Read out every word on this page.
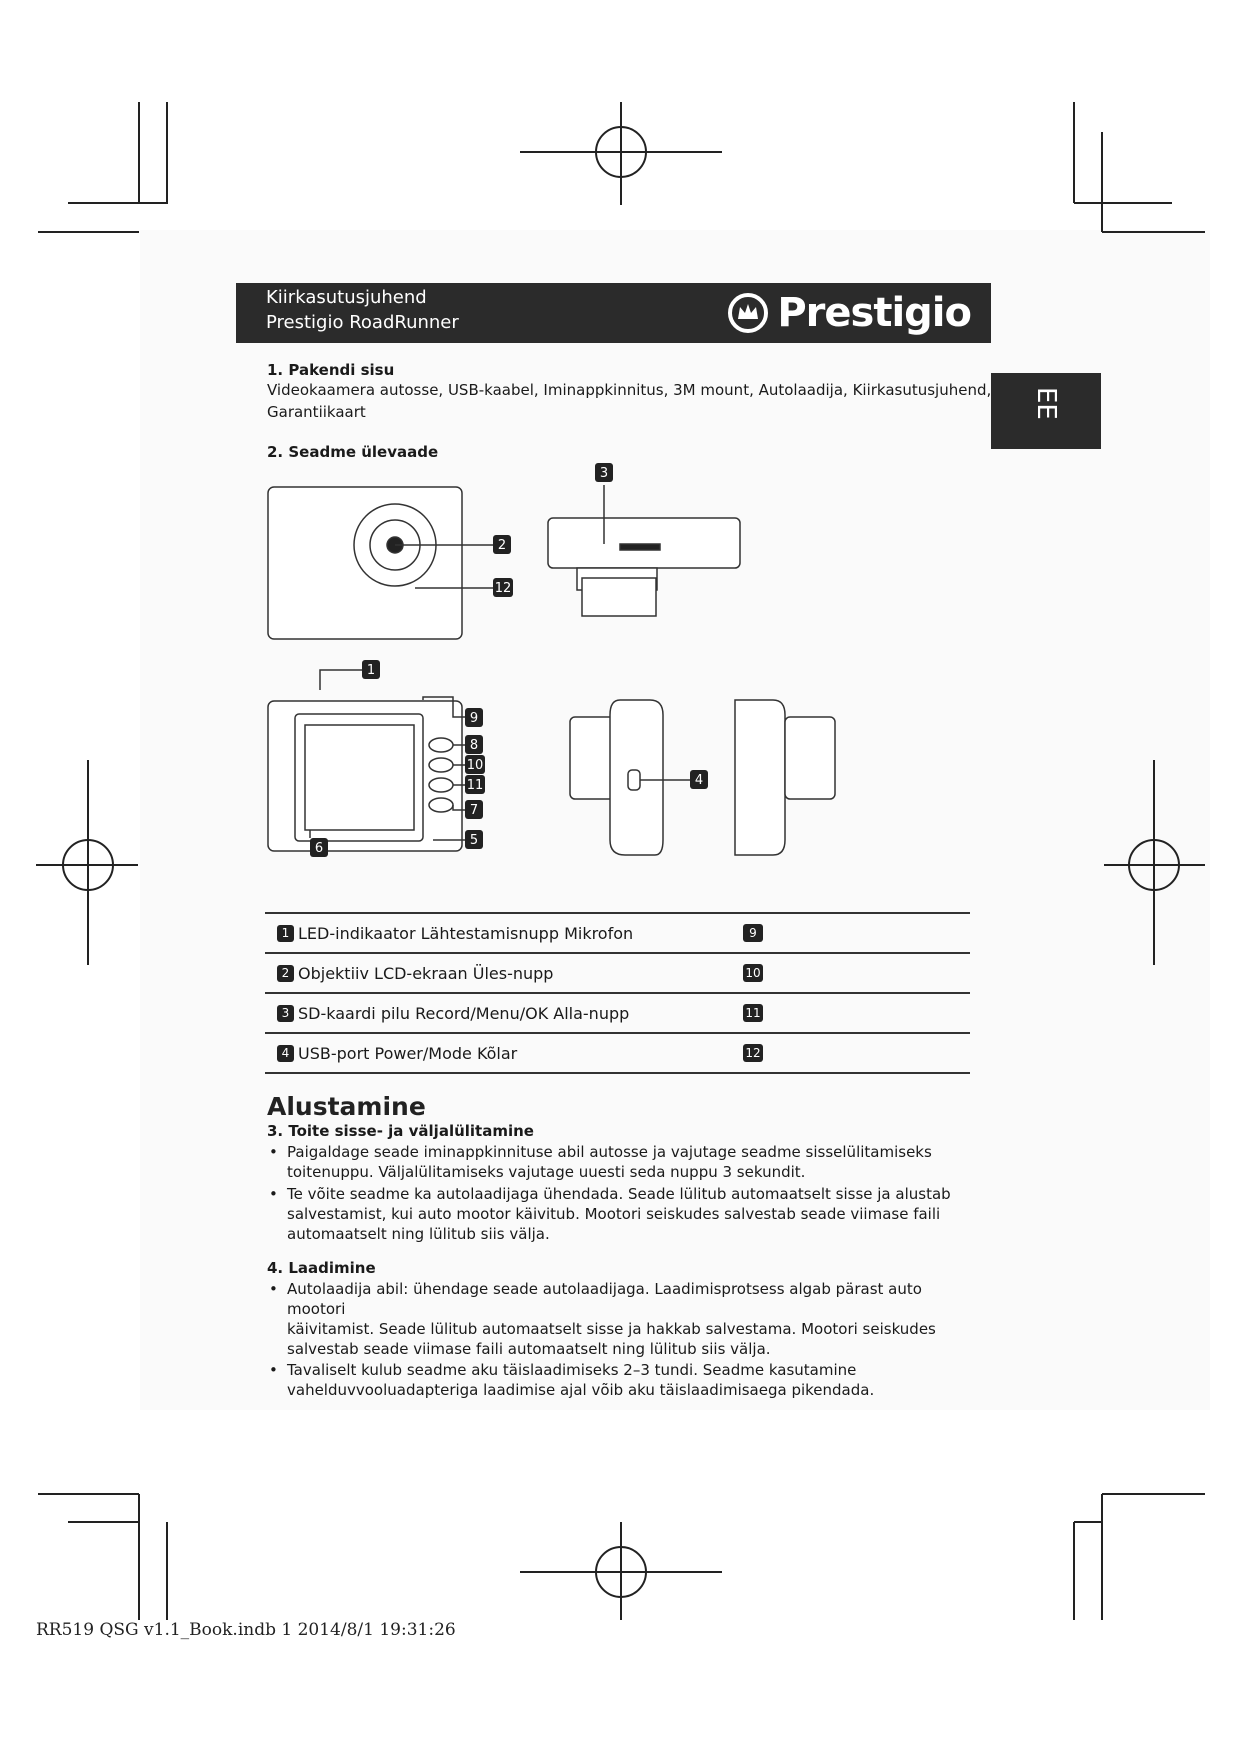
Kiirkasutusjuhend
Prestigio RoadRunner	Prestigio
EE
1. Pakendi sisu
Videokaamera autosse, USB-kaabel, Iminappkinnitus, 3M mount, Autolaadija, Kiirkasutusjuhend,
Garantiikaart
2. Seadme ülevaade
1
2
3
4
5
6
7
8
9
10
11
12
1 LED-indikaator Lähtestamisnupp Mikrofon	9
2 Objektiiv LCD-ekraan Üles-nupp	10
3 SD-kaardi pilu Record/Menu/OK Alla-nupp	11
4 USB-port Power/Mode Kõlar	12
Alustamine
3. Toite sisse- ja väljalülitamine
• Paigaldage seade iminappkinnituse abil autosse ja vajutage seadme sisselülitamiseks
toitenuppu. Väljalülitamiseks vajutage uuesti seda nuppu 3 sekundit.
• Te võite seadme ka autolaadijaga ühendada. Seade lülitub automaatselt sisse ja alustab
salvestamist, kui auto mootor käivitub. Mootori seiskudes salvestab seade viimase faili
automaatselt ning lülitub siis välja.
4. Laadimine
• Autolaadija abil: ühendage seade autolaadijaga. Laadimisprotsess algab pärast auto mootori
käivitamist. Seade lülitub automaatselt sisse ja hakkab salvestama. Mootori seiskudes
salvestab seade viimase faili automaatselt ning lülitub siis välja.
• Tavaliselt kulub seadme aku täislaadimiseks 2–3 tundi. Seadme kasutamine
vahelduvvooluadapteriga laadimise ajal võib aku täislaadimisaega pikendada.
RR519 QSG v1.1_Book.indb 1 2014/8/1 19:31:26
